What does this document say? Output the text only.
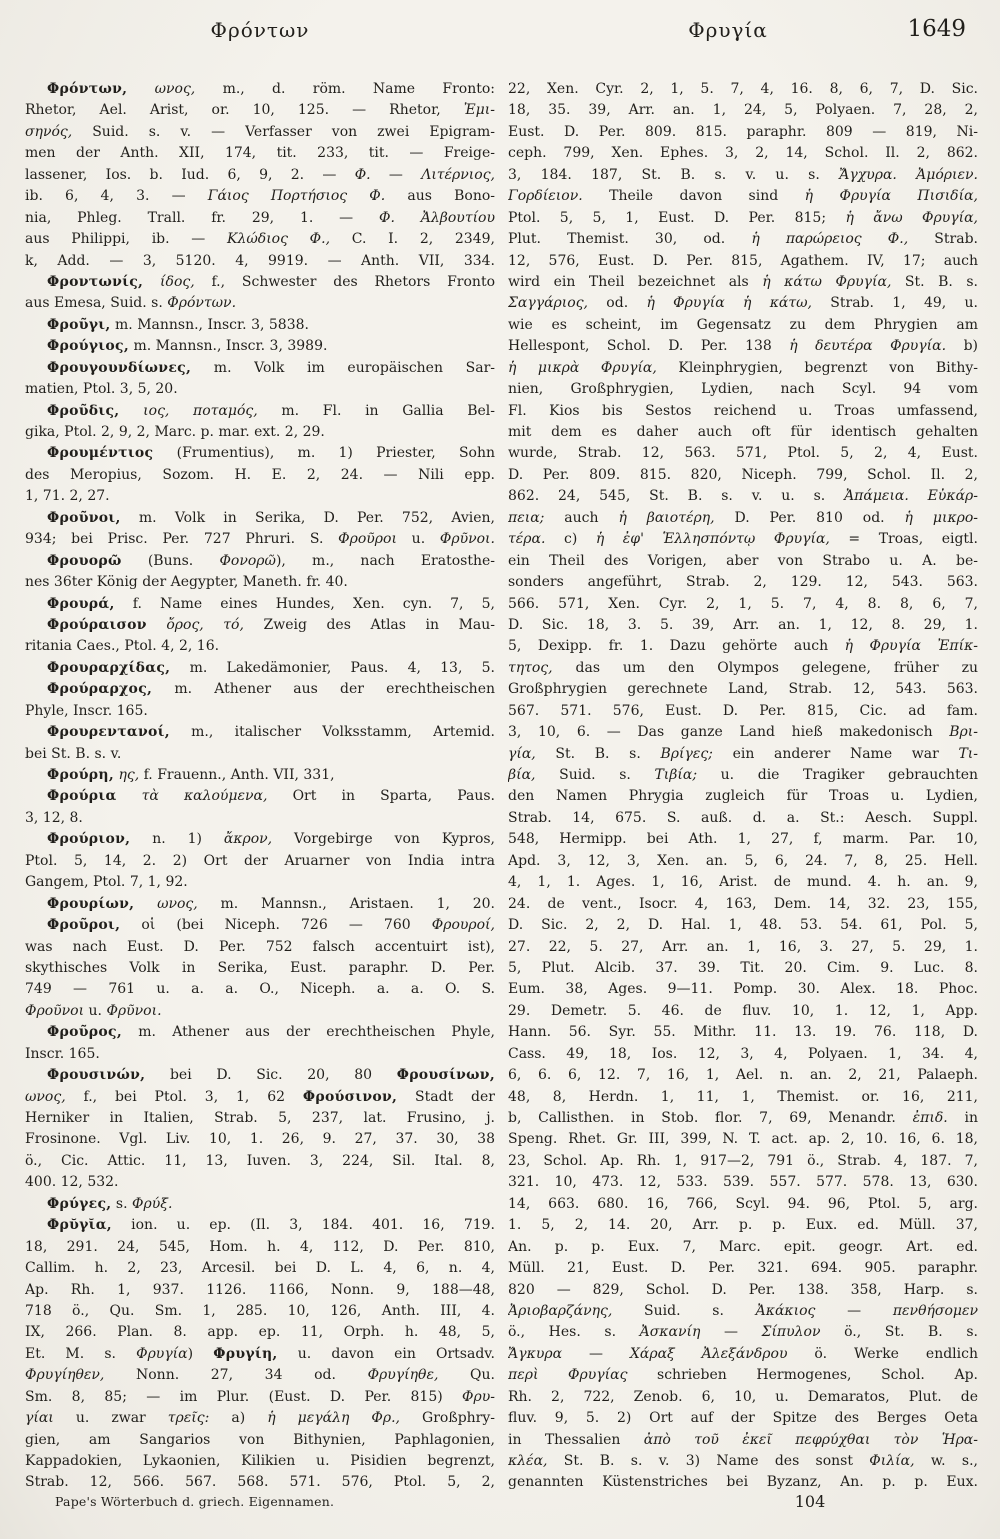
Φρόντων	Φρυγία	1649
Φρόντων, ωνος, m., d. röm. Name Fronto:
Rhetor, Ael. Arist, or. 10, 125. — Rhetor, Ἐμι-
σηνός, Suid. s. v. — Verfasser von zwei Epigram-
men der Anth. XII, 174, tit. 233, tit. — Freige-
lassener, Ios. b. Iud. 6, 9, 2. — Φ. — Λιτέρνιος,
ib. 6, 4, 3. — Γάιος Πορτήσιος Φ. aus Bono-
nia, Phleg. Trall. fr. 29, 1. — Φ. Ἀλβουτίου
aus Philippi, ib. — Κλώδιος Φ., C. I. 2, 2349,
k, Add. — 3, 5120. 4, 9919. — Anth. VII, 334.
Φροντωνίς, ίδος, f., Schwester des Rhetors Fronto
aus Emesa, Suid. s. Φρόντων.
Φροῦγι, m. Mannsn., Inscr. 3, 5838.
Φρούγιος, m. Mannsn., Inscr. 3, 3989.
Φρουγουνδίωνες, m. Volk im europäischen Sar-
matien, Ptol. 3, 5, 20.
Φροῦδις, ιος, ποταμός, m. Fl. in Gallia Bel-
gika, Ptol. 2, 9, 2, Marc. p. mar. ext. 2, 29.
Φρουμέντιος (Frumentius), m. 1) Priester, Sohn
des Meropius, Sozom. H. E. 2, 24. — Nili epp.
1, 71. 2, 27.
Φροῦνοι, m. Volk in Serika, D. Per. 752, Avien,
934; bei Prisc. Per. 727 Phruri. S. Φροῦροι u. Φρῦνοι.
Φρουορῶ (Buns. Φονορῶ), m., nach Eratosthe-
nes 36ter König der Aegypter, Maneth. fr. 40.
Φρουρά, f. Name eines Hundes, Xen. cyn. 7, 5,
Φρούραισον ὄρος, τό, Zweig des Atlas in Mau-
ritania Caes., Ptol. 4, 2, 16.
Φρουραρχίδας, m. Lakedämonier, Paus. 4, 13, 5.
Φρούραρχος, m. Athener aus der erechtheischen
Phyle, Inscr. 165.
Φρουρεντανοί, m., italischer Volksstamm, Artemid.
bei St. B. s. v.
Φρούρη, ης, f. Frauenn., Anth. VII, 331,
Φρούρια τὰ καλούμενα, Ort in Sparta, Paus.
3, 12, 8.
Φρούριον, n. 1) ἄκρον, Vorgebirge von Kypros,
Ptol. 5, 14, 2. 2) Ort der Aruarner von India intra
Gangem, Ptol. 7, 1, 92.
Φρουρίων, ωνος, m. Mannsn., Aristaen. 1, 20.
Φροῦροι, οἱ (bei Niceph. 726 — 760 Φρουροί,
was nach Eust. D. Per. 752 falsch accentuirt ist),
skythisches Volk in Serika, Eust. paraphr. D. Per.
749 — 761 u. a. a. O., Niceph. a. a. O. S.
Φροῦνοι u. Φρῦνοι.
Φροῦρος, m. Athener aus der erechtheischen Phyle,
Inscr. 165.
Φρουσινών, bei D. Sic. 20, 80 Φρουσίνων,
ωνος, f., bei Ptol. 3, 1, 62 Φρούσινον, Stadt der
Herniker in Italien, Strab. 5, 237, lat. Frusino, j.
Frosinone. Vgl. Liv. 10, 1. 26, 9. 27, 37. 30, 38
ö., Cic. Attic. 11, 13, Iuven. 3, 224, Sil. Ital. 8,
400. 12, 532.
Φρύγες, s. Φρύξ.
Φρῠγῐα, ion. u. ep. (Il. 3, 184. 401. 16, 719.
18, 291. 24, 545, Hom. h. 4, 112, D. Per. 810,
Callim. h. 2, 23, Arcesil. bei D. L. 4, 6, n. 4,
Ap. Rh. 1, 937. 1126. 1166, Nonn. 9, 188—48,
718 ö., Qu. Sm. 1, 285. 10, 126, Anth. III, 4.
IX, 266. Plan. 8. app. ep. 11, Orph. h. 48, 5,
Et. M. s. Φρυγία) Φρυγίη, u. davon ein Ortsadv.
Φρυγίηθεν, Nonn. 27, 34 od. Φρυγίηθε, Qu.
Sm. 8, 85; — im Plur. (Eust. D. Per. 815) Φρυ-
γίαι u. zwar τρεῖς: a) ἡ μεγάλη Φρ., Großphry-
gien, am Sangarios von Bithynien, Paphlagonien,
Kappadokien, Lykaonien, Kilikien u. Pisidien begrenzt,
Strab. 12, 566. 567. 568. 571. 576, Ptol. 5, 2,
22, Xen. Cyr. 2, 1, 5. 7, 4, 16. 8, 6, 7, D. Sic.
18, 35. 39, Arr. an. 1, 24, 5, Polyaen. 7, 28, 2,
Eust. D. Per. 809. 815. paraphr. 809 — 819, Ni-
ceph. 799, Xen. Ephes. 3, 2, 14, Schol. Il. 2, 862.
3, 184. 187, St. B. s. v. u. s. Ἄγχυρα. Ἀμόριεν.
Γορδίειον. Theile davon sind ἡ Φρυγία Πισιδία,
Ptol. 5, 5, 1, Eust. D. Per. 815; ἡ ἄνω Φρυγία,
Plut. Themist. 30, od. ἡ παρώρειος Φ., Strab.
12, 576, Eust. D. Per. 815, Agathem. IV, 17; auch
wird ein Theil bezeichnet als ἡ κάτω Φρυγία, St. B. s.
Σαγγάριος, od. ἡ Φρυγία ἡ κάτω, Strab. 1, 49, u.
wie es scheint, im Gegensatz zu dem Phrygien am
Hellespont, Schol. D. Per. 138 ἡ δευτέρα Φρυγία. b)
ἡ μικρὰ Φρυγία, Kleinphrygien, begrenzt von Bithy-
nien, Großphrygien, Lydien, nach Scyl. 94 vom
Fl. Kios bis Sestos reichend u. Troas umfassend,
mit dem es daher auch oft für identisch gehalten
wurde, Strab. 12, 563. 571, Ptol. 5, 2, 4, Eust.
D. Per. 809. 815. 820, Niceph. 799, Schol. Il. 2,
862. 24, 545, St. B. s. v. u. s. Ἀπάμεια. Εὐκάρ-
πεια; auch ἡ βαιοτέρη, D. Per. 810 od. ἡ μικρο-
τέρα. c) ἡ ἐφ' Ἑλλησπόντῳ Φρυγία, = Troas, eigtl.
ein Theil des Vorigen, aber von Strabo u. A. be-
sonders angeführt, Strab. 2, 129. 12, 543. 563.
566. 571, Xen. Cyr. 2, 1, 5. 7, 4, 8. 8, 6, 7,
D. Sic. 18, 3. 5. 39, Arr. an. 1, 12, 8. 29, 1.
5, Dexipp. fr. 1. Dazu gehörte auch ἡ Φρυγία Ἐπίκ-
τητος, das um den Olympos gelegene, früher zu
Großphrygien gerechnete Land, Strab. 12, 543. 563.
567. 571. 576, Eust. D. Per. 815, Cic. ad fam.
3, 10, 6. — Das ganze Land hieß makedonisch Βρι-
γία, St. B. s. Βρίγες; ein anderer Name war Τι-
βία, Suid. s. Τιβία; u. die Tragiker gebrauchten
den Namen Phrygia zugleich für Troas u. Lydien,
Strab. 14, 675. S. auß. d. a. St.: Aesch. Suppl.
548, Hermipp. bei Ath. 1, 27, f, marm. Par. 10,
Apd. 3, 12, 3, Xen. an. 5, 6, 24. 7, 8, 25. Hell.
4, 1, 1. Ages. 1, 16, Arist. de mund. 4. h. an. 9,
24. de vent., Isocr. 4, 163, Dem. 14, 32. 23, 155,
D. Sic. 2, 2, D. Hal. 1, 48. 53. 54. 61, Pol. 5,
27. 22, 5. 27, Arr. an. 1, 16, 3. 27, 5. 29, 1.
5, Plut. Alcib. 37. 39. Tit. 20. Cim. 9. Luc. 8.
Eum. 38, Ages. 9—11. Pomp. 30. Alex. 18. Phoc.
29. Demetr. 5. 46. de fluv. 10, 1. 12, 1, App.
Hann. 56. Syr. 55. Mithr. 11. 13. 19. 76. 118, D.
Cass. 49, 18, Ios. 12, 3, 4, Polyaen. 1, 34. 4,
6, 6. 6, 12. 7, 16, 1, Ael. n. an. 2, 21, Palaeph.
48, 8, Herdn. 1, 11, 1, Themist. or. 16, 211,
b, Callisthen. in Stob. flor. 7, 69, Menandr. ἐπιδ. in
Speng. Rhet. Gr. III, 399, N. T. act. ap. 2, 10. 16, 6. 18,
23, Schol. Ap. Rh. 1, 917—2, 791 ö., Strab. 4, 187. 7,
321. 10, 473. 12, 533. 539. 557. 577. 578. 13, 630.
14, 663. 680. 16, 766, Scyl. 94. 96, Ptol. 5, arg.
1. 5, 2, 14. 20, Arr. p. p. Eux. ed. Müll. 37,
An. p. p. Eux. 7, Marc. epit. geogr. Art. ed.
Müll. 21, Eust. D. Per. 321. 694. 905. paraphr.
820 — 829, Schol. D. Per. 138. 358, Harp. s.
Ἀριοβαρζάνης, Suid. s. Ἀκάκιος — πενθήσομεν
ö., Hes. s. Ἀσκανίη — Σίπυλον ö., St. B. s.
Ἄγκυρα — Χάραξ Ἀλεξάνδρου ö. Werke endlich
περὶ Φρυγίας schrieben Hermogenes, Schol. Ap.
Rh. 2, 722, Zenob. 6, 10, u. Demaratos, Plut. de
fluv. 9, 5. 2) Ort auf der Spitze des Berges Oeta
in Thessalien ἀπὸ τοῦ ἐκεῖ πεφρύχθαι τὸν Ἡρα-
κλέα, St. B. s. v. 3) Name des sonst Φιλία, w. s.,
genannten Küstenstriches bei Byzanz, An. p. p. Eux.
Pape's Wörterbuch d. griech. Eigennamen.	104
